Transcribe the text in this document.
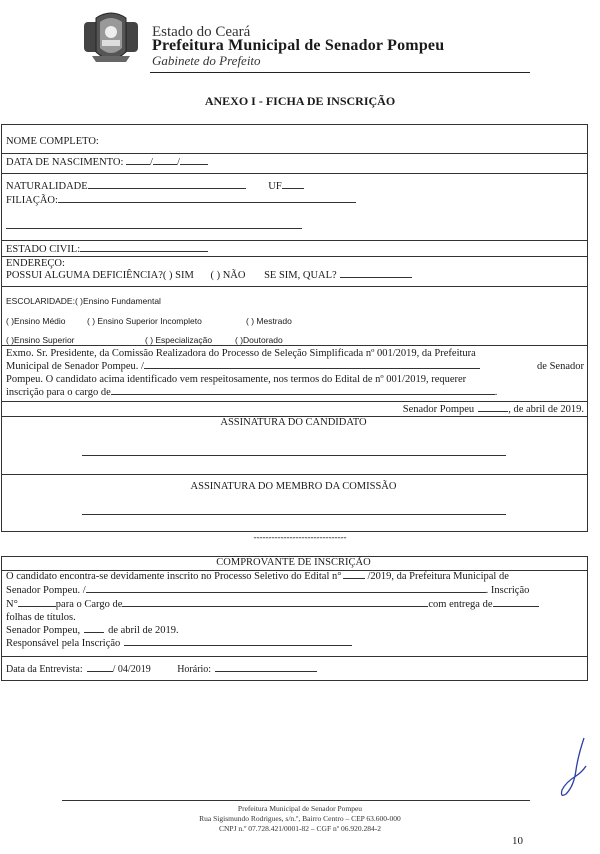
Estado do Ceará
Prefeitura Municipal de Senador Pompeu
Gabinete do Prefeito
ANEXO I - FICHA DE INSCRIÇÃO
NOME COMPLETO:
DATA DE NASCIMENTO:	/ /
NATURALIDADE	UF
FILIAÇÃO:
ESTADO CIVIL:
ENDEREÇO:
POSSUI ALGUMA DEFICIÊNCIA?( ) SIM ( ) NÃO SE SIM, QUAL?
ESCOLARIDADE:( )Ensino Fundamental
( )Ensino Médio	( ) Ensino Superior Incompleto	( ) Mestrado
( )Ensino Superior	( ) Especialização	( )Doutorado
Exmo. Sr. Presidente, da Comissão Realizadora do Processo de Seleção Simplificada nº 001/2019, da Prefeitura
Municipal de Senador Pompeu. /	de Senador
Pompeu. O candidato acima identificado vem respeitosamente, nos termos do Edital de nº 001/2019, requerer
inscrição para o cargo de	.
Senador Pompeu	, de abril de 2019.
ASSINATURA DO CANDIDATO
ASSINATURA DO MEMBRO DA COMISSÃO
-------------------------------
COMPROVANTE DE INSCRIÇÃO
O candidato encontra-se devidamente inscrito no Processo Seletivo do Edital n° /2019, da Prefeitura Municipal de
Senador Pompeu. /	. Inscrição
N°	para o Cargo de	com entrega de
folhas de títulos.
Senador Pompeu,	de abril de 2019.
Responsável pela Inscrição
Data da Entrevista:	/ 04/2019	Horário:
Prefeitura Municipal de Senador Pompeu
Rua Sigismundo Rodrigues, s/n.º, Bairro Centro – CEP 63.600-000
CNPJ n.º 07.728.421/0001-82 – CGF nº 06.920.284-2
10
